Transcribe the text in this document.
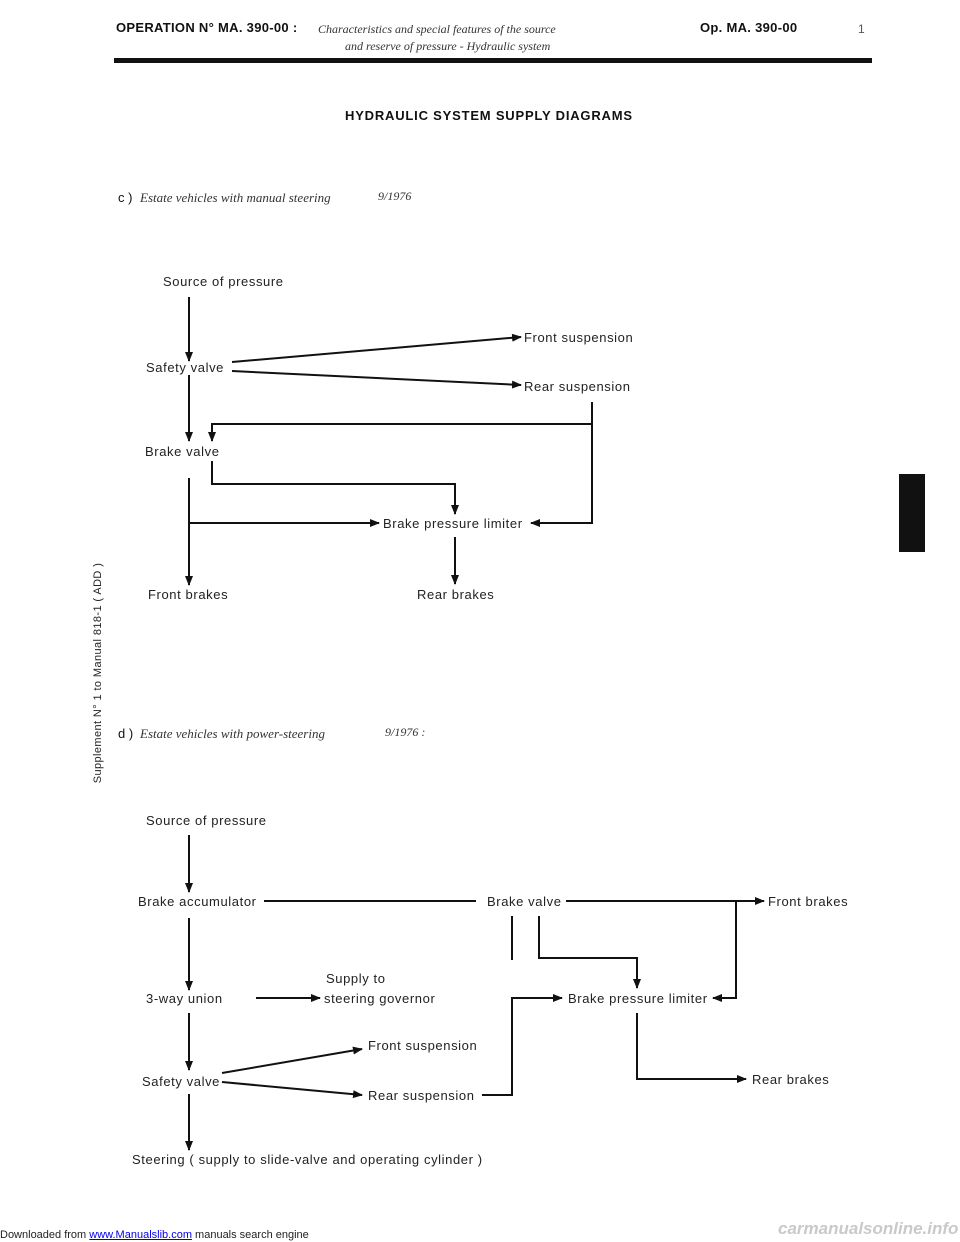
OPERATION N° MA. 390-00 : Characteristics and special features of the source
and reserve of pressure - Hydraulic system
Op. MA. 390-00	1
HYDRAULIC SYSTEM SUPPLY DIAGRAMS
c ) Estate vehicles with manual steering	9/1976
Source of pressure
Safety valve
Front suspension
Rear suspension
Brake valve
Brake pressure limiter
Front brakes	Rear brakes
d ) Estate vehicles with power-steering	9/1976 :
Source of pressure
Brake accumulator	Brake valve	Front brakes
Supply to
3-way union	steering governor	Brake pressure limiter
Front suspension
Safety valve	Rear brakes
Rear suspension
Steering ( supply to slide-valve and operating cylinder )
Supplement N° 1 to Manual 818-1 ( ADD )
Downloaded from www.Manualslib.com manuals search engine	carmanualsonline.info
